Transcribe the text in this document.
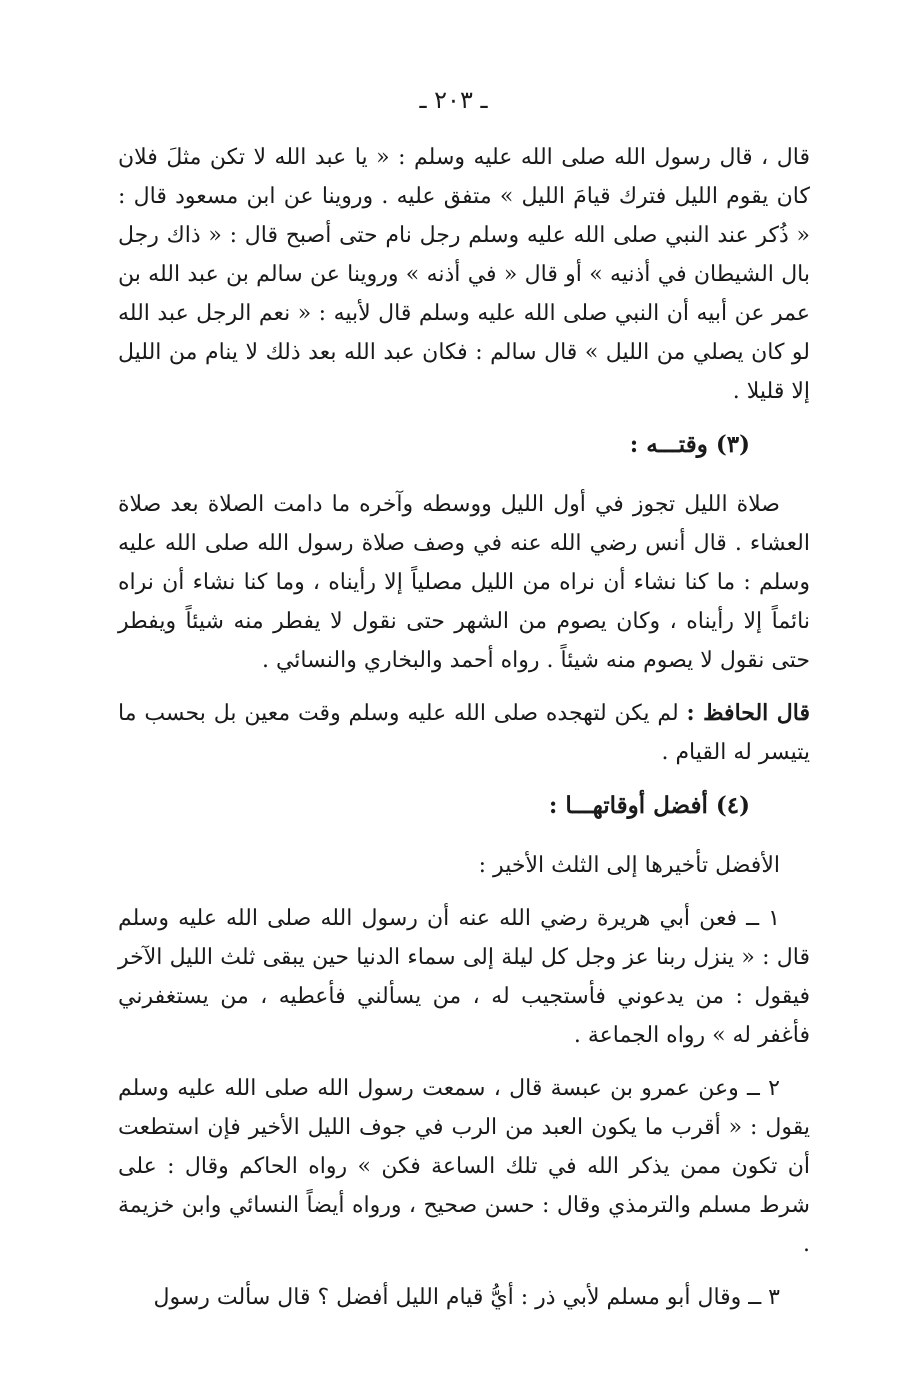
ـ ٢٠٣ ـ

قال ، قال رسول الله صلى الله عليه وسلم : « يا عبد الله لا تكن مثلَ فلان كان يقوم الليل فترك قيامَ الليل » متفق عليه . وروينا عن ابن مسعود قال : « ذُكر عند النبي صلى الله عليه وسلم رجل نام حتى أصبح قال : « ذاك رجل بال الشيطان في أذنيه » أو قال « في أذنه » وروينا عن سالم بن عبد الله بن عمر عن أبيه أن النبي صلى الله عليه وسلم قال لأبيه : « نعم الرجل عبد الله لو كان يصلي من الليل » قال سالم : فكان عبد الله بعد ذلك لا ينام من الليل إلا قليلا .

(٣) وقتـــه :

صلاة الليل تجوز في أول الليل ووسطه وآخره ما دامت الصلاة بعد صلاة العشاء . قال أنس رضي الله عنه في وصف صلاة رسول الله صلى الله عليه وسلم : ما كنا نشاء أن نراه من الليل مصلياً إلا رأيناه ، وما كنا نشاء أن نراه نائماً إلا رأيناه ، وكان يصوم من الشهر حتى نقول لا يفطر منه شيئاً ويفطر حتى نقول لا يصوم منه شيئاً . رواه أحمد والبخاري والنسائي .

قال الحافظ : لم يكن لتهجده صلى الله عليه وسلم وقت معين بل بحسب ما يتيسر له القيام .

(٤) أفضل أوقاتهـــا :

الأفضل تأخيرها إلى الثلث الأخير :

١ ــ فعن أبي هريرة رضي الله عنه أن رسول الله صلى الله عليه وسلم قال : « ينزل ربنا عز وجل كل ليلة إلى سماء الدنيا حين يبقى ثلث الليل الآخر فيقول : من يدعوني فأستجيب له ، من يسألني فأعطيه ، من يستغفرني فأغفر له » رواه الجماعة .

٢ ــ وعن عمرو بن عبسة قال ، سمعت رسول الله صلى الله عليه وسلم يقول : « أقرب ما يكون العبد من الرب في جوف الليل الأخير فإن استطعت أن تكون ممن يذكر الله في تلك الساعة فكن » رواه الحاكم وقال : على شرط مسلم والترمذي وقال : حسن صحيح ، ورواه أيضاً النسائي وابن خزيمة .

٣ ــ وقال أبو مسلم لأبي ذر : أيُّ قيام الليل أفضل ؟ قال سألت رسول
